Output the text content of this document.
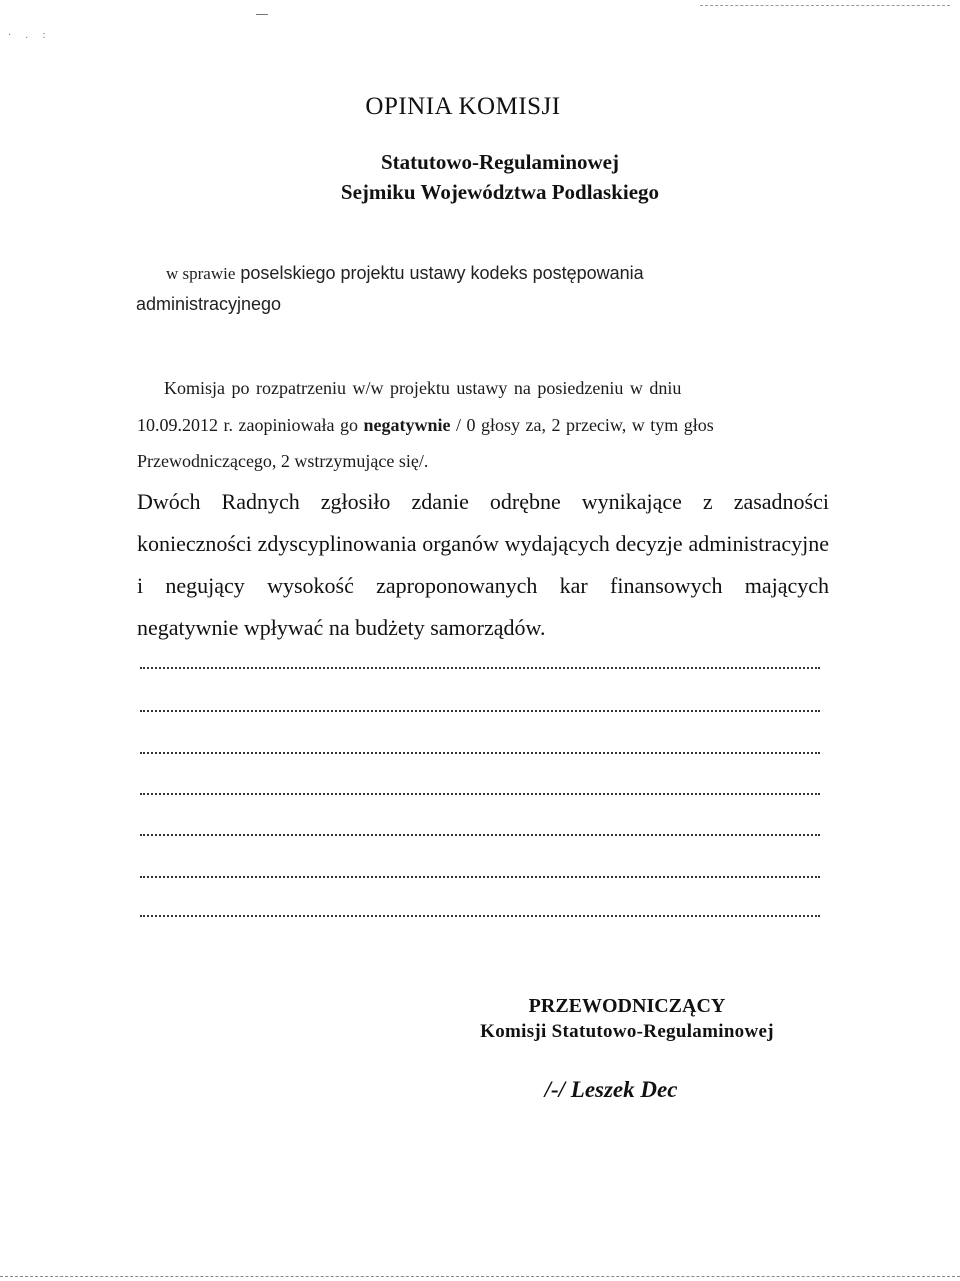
·.:
OPINIA KOMISJI
Statutowo-Regulaminowej
Sejmiku Województwa Podlaskiego
w sprawie poselskiego projektu ustawy kodeks postępowania
administracyjnego
Komisja po rozpatrzeniu w/w projektu ustawy na posiedzeniu w dniu
10.09.2012 r. zaopiniowała go negatywnie / 0 głosy za, 2 przeciw, w tym głos
Przewodniczącego, 2 wstrzymujące się/.
Dwóch Radnych zgłosiło zdanie odrębne wynikające z zasadności konieczności zdyscyplinowania organów wydających decyzje administracyjne i negujący wysokość zaproponowanych kar finansowych mających negatywnie wpływać na budżety samorządów.
PRZEWODNICZĄCY
Komisji Statutowo-Regulaminowej
/-/ Leszek Dec
